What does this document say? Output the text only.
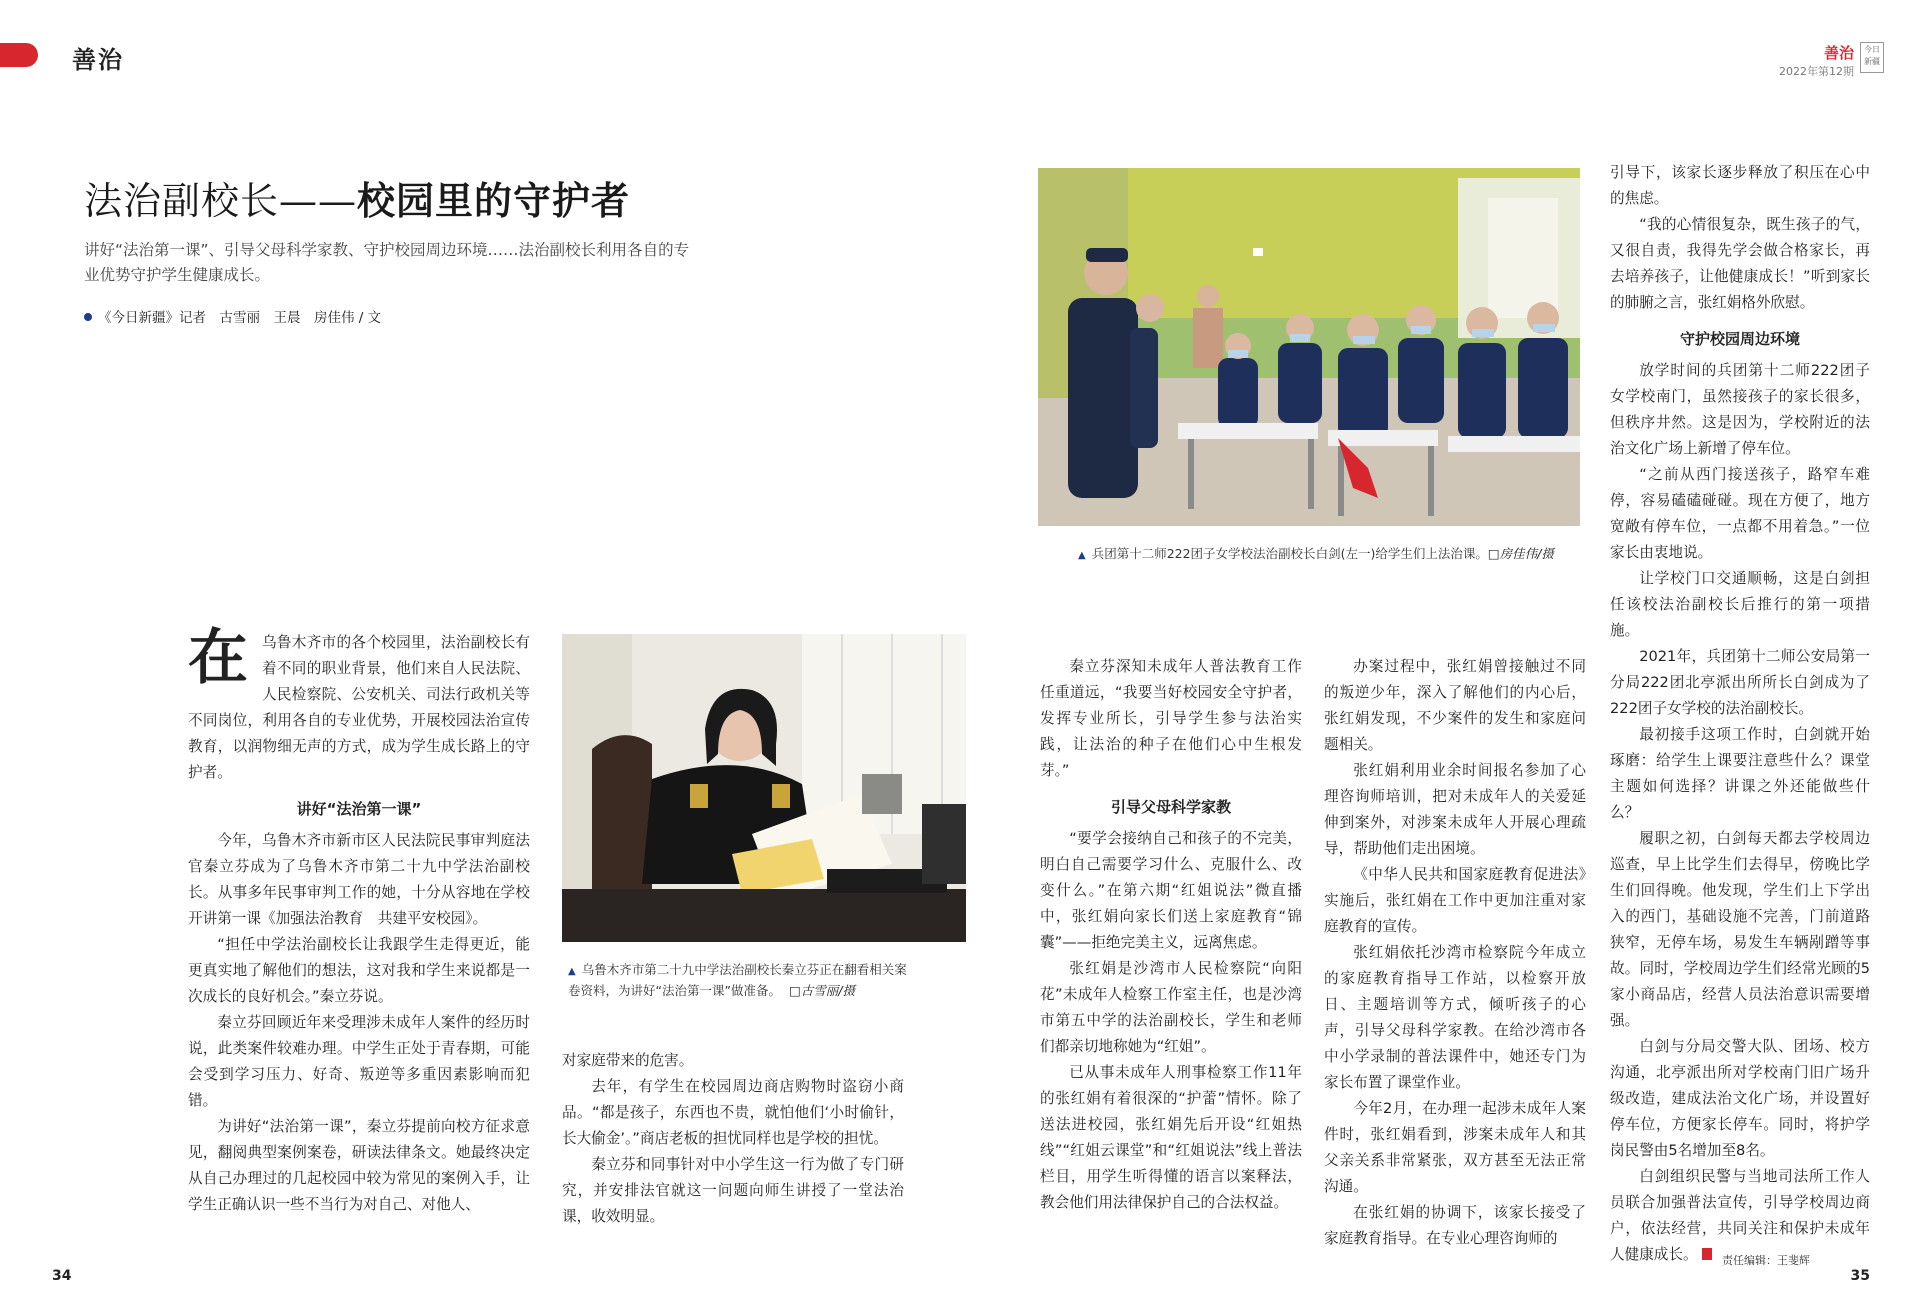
善治	善治
2022年第12期
今日新疆
法治副校长——校园里的守护者
讲好“法治第一课”、引导父母科学家教、守护校园周边环境……法治副校长利用各自的专业优势守护学生健康成长。
《今日新疆》记者　古雪丽　王晨　房佳伟 / 文
▲ 兵团第十二师222团子女学校法治副校长白剑(左一)给学生们上法治课。□房佳伟/摄
▲ 乌鲁木齐市第二十九中学法治副校长秦立芬正在翻看相关案卷资料，为讲好“法治第一课”做准备。 □古雪丽/摄
在 乌鲁木齐市的各个校园里，法治副校长有着不同的职业背景，他们来自人民法院、人民检察院、公安机关、司法行政机关等不同岗位，利用各自的专业优势，开展校园法治宣传教育，以润物细无声的方式，成为学生成长路上的守护者。

讲好“法治第一课”

今年，乌鲁木齐市新市区人民法院民事审判庭法官秦立芬成为了乌鲁木齐市第二十九中学法治副校长。从事多年民事审判工作的她，十分从容地在学校开讲第一课《加强法治教育　共建平安校园》。

“担任中学法治副校长让我跟学生走得更近，能更真实地了解他们的想法，这对我和学生来说都是一次成长的良好机会。”秦立芬说。

秦立芬回顾近年来受理涉未成年人案件的经历时说，此类案件较难办理。中学生正处于青春期，可能会受到学习压力、好奇、叛逆等多重因素影响而犯错。

为讲好“法治第一课”，秦立芬提前向校方征求意见，翻阅典型案例案卷，研读法律条文。她最终决定从自己办理过的几起校园中较为常见的案例入手，让学生正确认识一些不当行为对自己、对他人、

对家庭带来的危害。

去年，有学生在校园周边商店购物时盗窃小商品。“都是孩子，东西也不贵，就怕他们‘小时偷针，长大偷金’。”商店老板的担忧同样也是学校的担忧。

秦立芬和同事针对中小学生这一行为做了专门研究，并安排法官就这一问题向师生讲授了一堂法治课，收效明显。

秦立芬深知未成年人普法教育工作任重道远，“我要当好校园安全守护者，发挥专业所长，引导学生参与法治实践，让法治的种子在他们心中生根发芽。”

引导父母科学家教

“要学会接纳自己和孩子的不完美，明白自己需要学习什么、克服什么、改变什么。”在第六期“红姐说法”微直播中，张红娟向家长们送上家庭教育“锦囊”——拒绝完美主义，远离焦虑。

张红娟是沙湾市人民检察院“向阳花”未成年人检察工作室主任，也是沙湾市第五中学的法治副校长，学生和老师们都亲切地称她为“红姐”。

已从事未成年人刑事检察工作11年的张红娟有着很深的“护蕾”情怀。除了送法进校园，张红娟先后开设“红姐热线”“红姐云课堂”和“红姐说法”线上普法栏目，用学生听得懂的语言以案释法，教会他们用法律保护自己的合法权益。

办案过程中，张红娟曾接触过不同的叛逆少年，深入了解他们的内心后，张红娟发现，不少案件的发生和家庭问题相关。

张红娟利用业余时间报名参加了心理咨询师培训，把对未成年人的关爱延伸到案外，对涉案未成年人开展心理疏导，帮助他们走出困境。

《中华人民共和国家庭教育促进法》实施后，张红娟在工作中更加注重对家庭教育的宣传。

张红娟依托沙湾市检察院今年成立的家庭教育指导工作站，以检察开放日、主题培训等方式，倾听孩子的心声，引导父母科学家教。在给沙湾市各中小学录制的普法课件中，她还专门为家长布置了课堂作业。

今年2月，在办理一起涉未成年人案件时，张红娟看到，涉案未成年人和其父亲关系非常紧张，双方甚至无法正常沟通。

在张红娟的协调下，该家长接受了家庭教育指导。在专业心理咨询师的

引导下，该家长逐步释放了积压在心中的焦虑。

“我的心情很复杂，既生孩子的气，又很自责，我得先学会做合格家长，再去培养孩子，让他健康成长！”听到家长的肺腑之言，张红娟格外欣慰。

守护校园周边环境

放学时间的兵团第十二师222团子女学校南门，虽然接孩子的家长很多，但秩序井然。这是因为，学校附近的法治文化广场上新增了停车位。

“之前从西门接送孩子，路窄车难停，容易磕磕碰碰。现在方便了，地方宽敞有停车位，一点都不用着急。”一位家长由衷地说。

让学校门口交通顺畅，这是白剑担任该校法治副校长后推行的第一项措施。

2021年，兵团第十二师公安局第一分局222团北亭派出所所长白剑成为了222团子女学校的法治副校长。

最初接手这项工作时，白剑就开始琢磨：给学生上课要注意些什么？课堂主题如何选择？讲课之外还能做些什么？

履职之初，白剑每天都去学校周边巡查，早上比学生们去得早，傍晚比学生们回得晚。他发现，学生们上下学出入的西门，基础设施不完善，门前道路狭窄，无停车场，易发生车辆剐蹭等事故。同时，学校周边学生们经常光顾的5家小商品店，经营人员法治意识需要增强。

白剑与分局交警大队、团场、校方沟通，北亭派出所对学校南门旧广场升级改造，建成法治文化广场，并设置好停车位，方便家长停车。同时，将护学岗民警由5名增加至8名。

白剑组织民警与当地司法所工作人员联合加强普法宣传，引导学校周边商户，依法经营，共同关注和保护未成年人健康成长。

34	35
责任编辑：王斐辉
